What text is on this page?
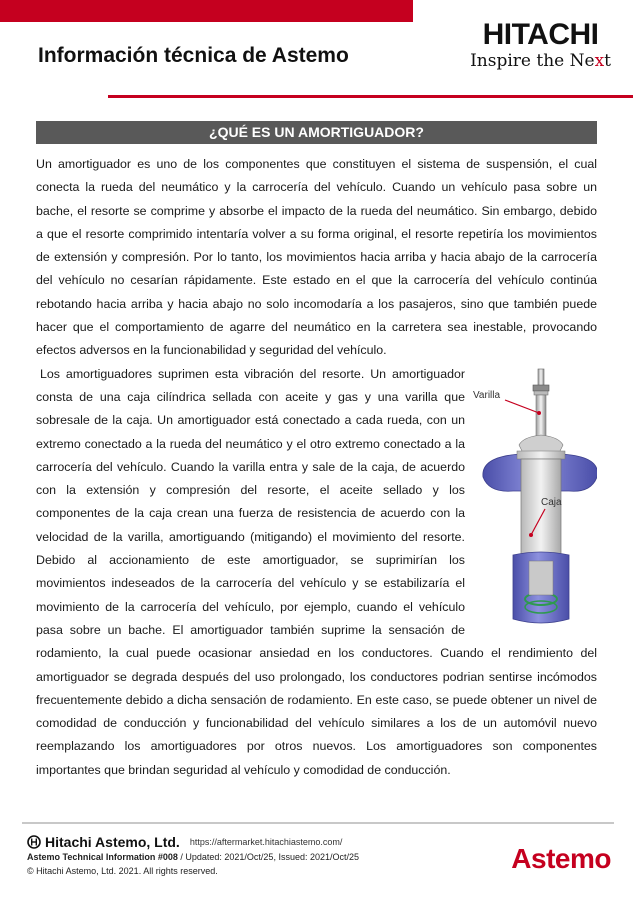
Información técnica de Astemo
HITACHI
Inspire the Next
¿QUÉ ES UN AMORTIGUADOR?

Un amortiguador es uno de los componentes que constituyen el sistema de suspensión, el cual conecta la rueda del neumático y la carrocería del vehículo. Cuando un vehículo pasa sobre un bache, el resorte se comprime y absorbe el impacto de la rueda del neumático. Sin embargo, debido a que el resorte comprimido intentaría volver a su forma original, el resorte repetiría los movimientos de extensión y compresión. Por lo tanto, los movimientos hacia arriba y hacia abajo de la carrocería del vehículo no cesarían rápidamente. Este estado en el que la carrocería del vehículo continúa rebotando hacia arriba y hacia abajo no solo incomodaría a los pasajeros, sino que también puede hacer que el comportamiento de agarre del neumático en la carretera sea inestable, provocando efectos adversos en la funcionabilidad y seguridad del vehículo.

Varilla
Caja

Los amortiguadores suprimen esta vibración del resorte. Un amortiguador consta de una caja cilíndrica sellada con aceite y gas y una varilla que sobresale de la caja. Un amortiguador está conectado a cada rueda, con un extremo conectado a la rueda del neumático y el otro extremo conectado a la carrocería del vehículo. Cuando la varilla entra y sale de la caja, de acuerdo con la extensión y compresión del resorte, el aceite sellado y los componentes de la caja crean una fuerza de resistencia de acuerdo con la velocidad de la varilla, amortiguando (mitigando) el movimiento del resorte. Debido al accionamiento de este amortiguador, se suprimirían los movimientos indeseados de la carrocería del vehículo y se estabilizaría el movimiento de la carrocería del vehículo, por ejemplo, cuando el vehículo pasa sobre un bache. El amortiguador también suprime la sensación de rodamiento, la cual puede ocasionar ansiedad en los conductores. Cuando el rendimiento del amortiguador se degrada después del uso prolongado, los conductores podrian sentirse incómodos frecuentemente debido a dicha sensación de rodamiento. En este caso, se puede obtener un nivel de comodidad de conducción y funcionabilidad del vehículo similares a los de un automóvil nuevo reemplazando los amortiguadores por otros nuevos. Los amortiguadores son componentes importantes que brindan seguridad al vehículo y comodidad de conducción.

Hitachi Astemo, Ltd. https://aftermarket.hitachiastemo.com/
Astemo Technical Information #008 / Updated: 2021/Oct/25, Issued: 2021/Oct/25
© Hitachi Astemo, Ltd. 2021. All rights reserved.	Astemo
